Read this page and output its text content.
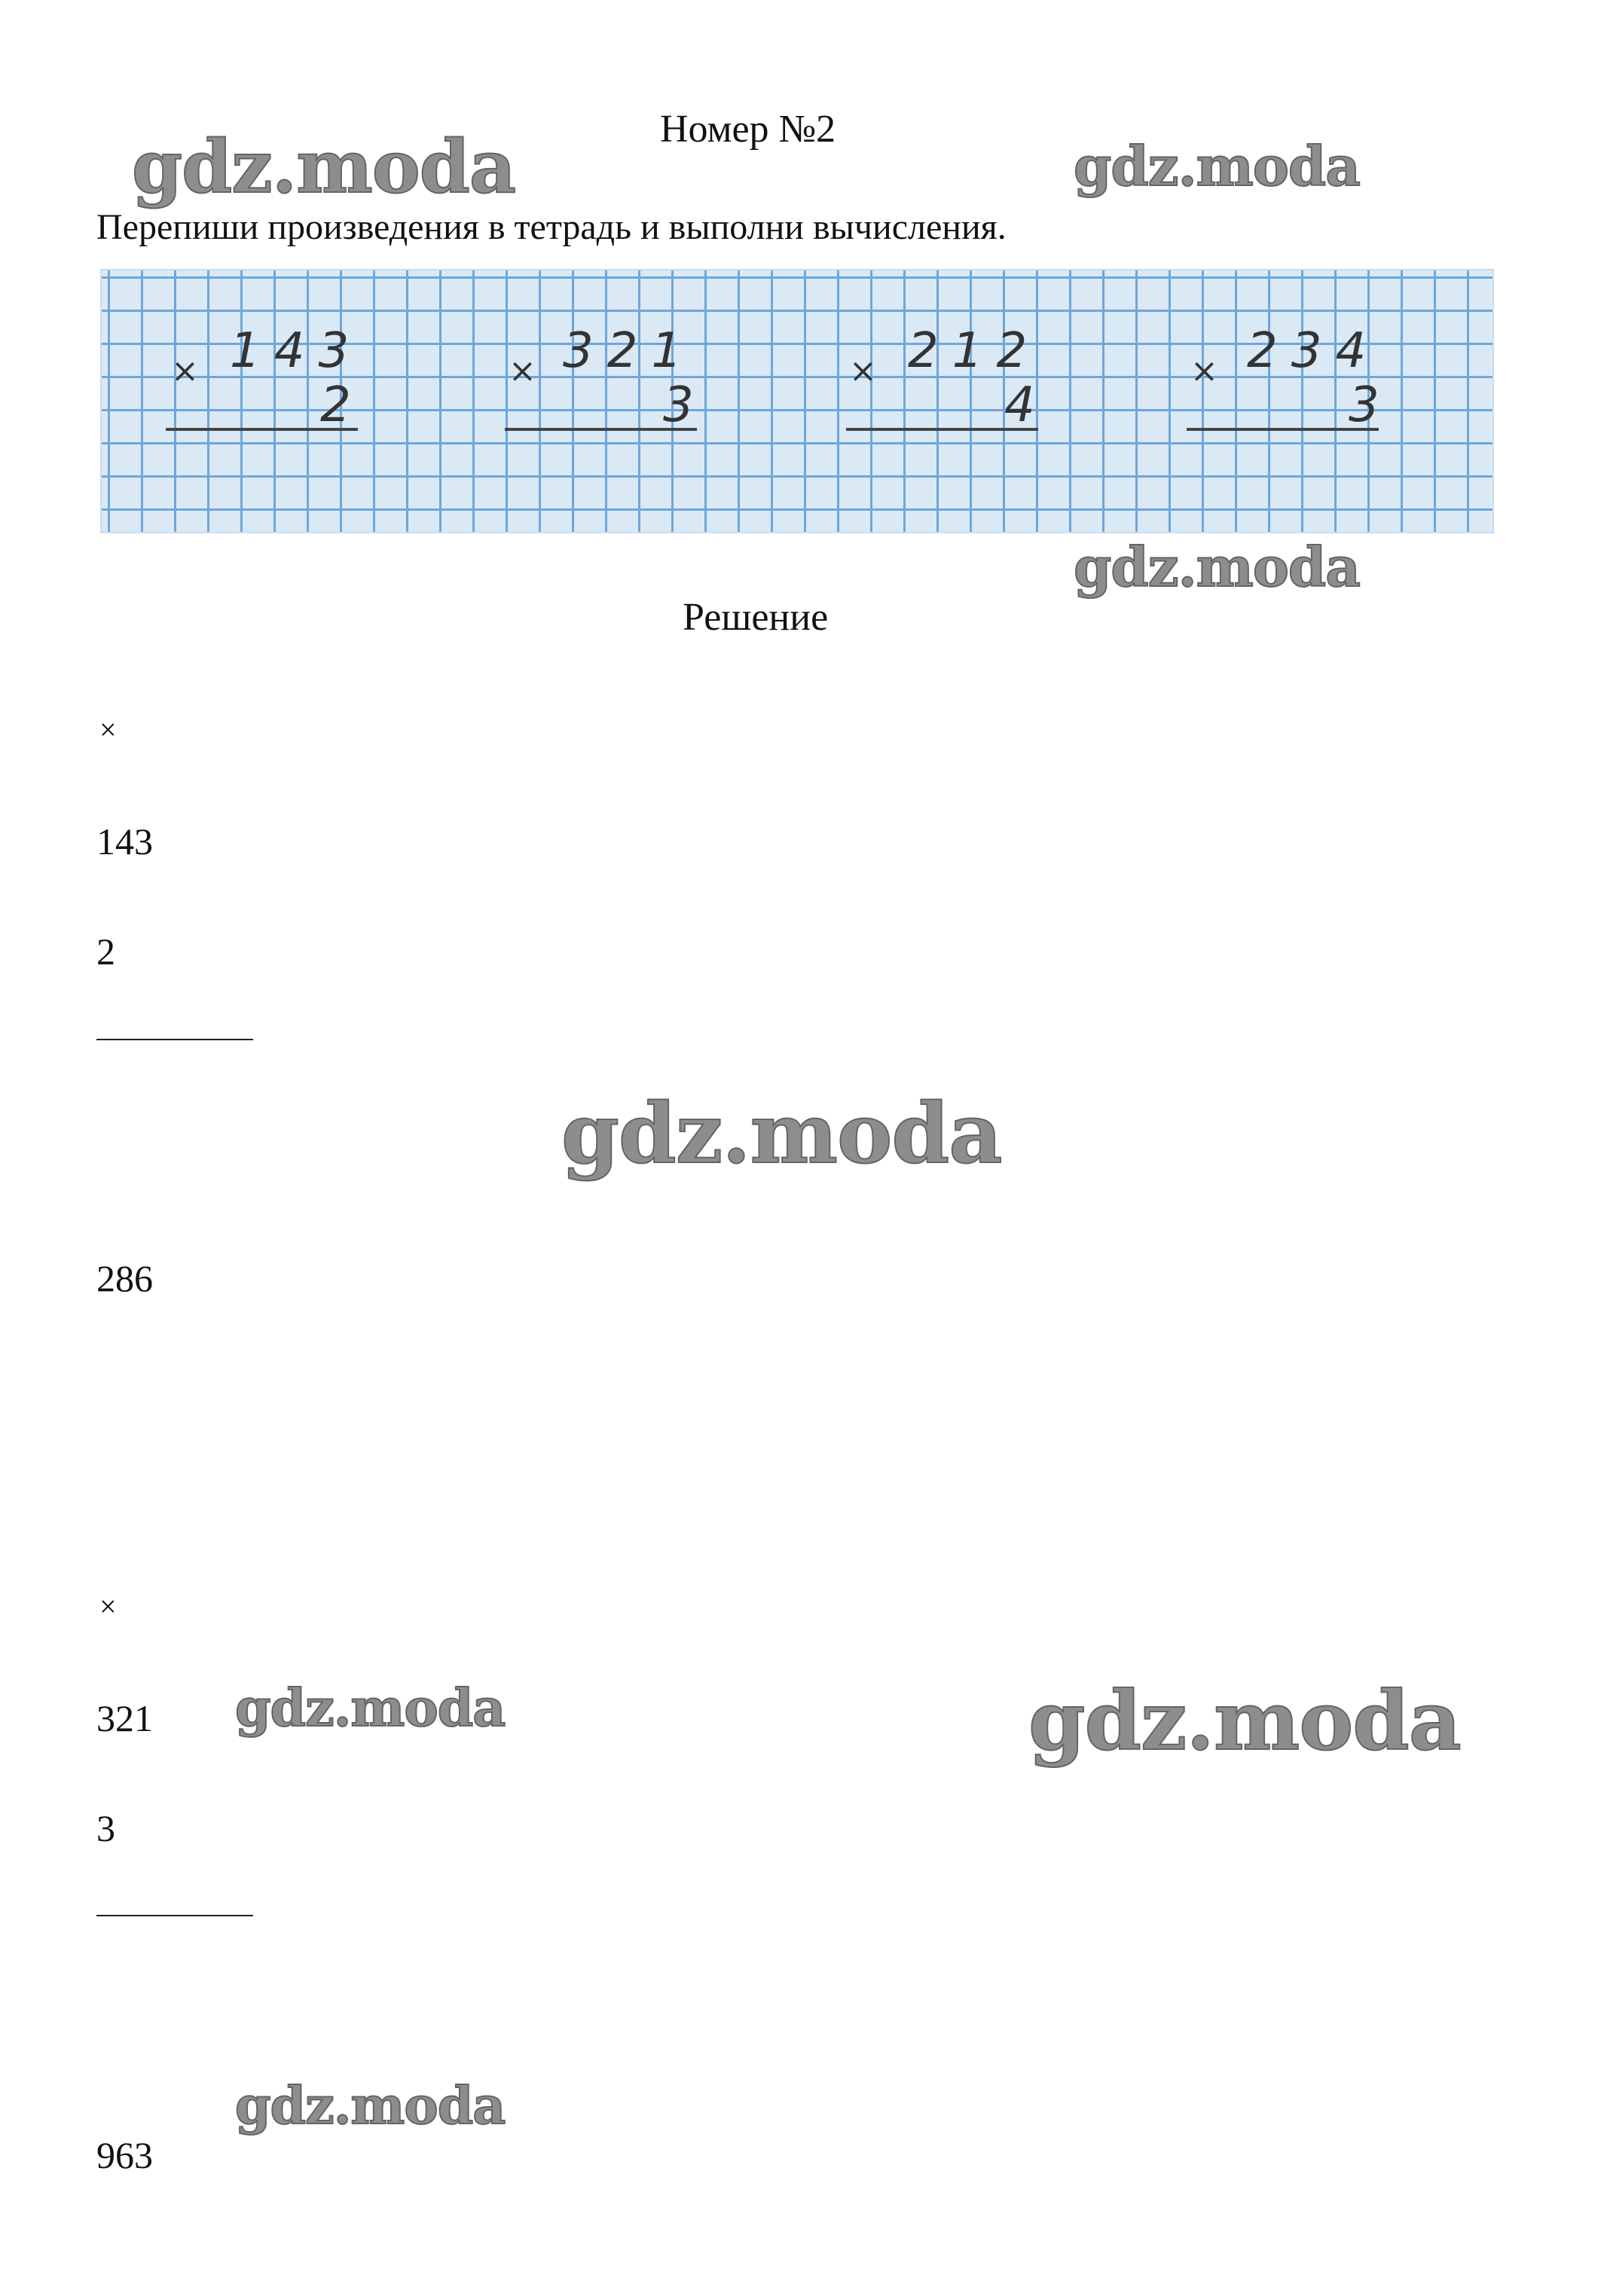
Номер №2
Перепиши произведения в тетрадь и выполни вычисления.
× 143
2
× 321
3
× 212
4
× 234
3
Решение
×
143
2
286
×
321
3
963
gdz.moda	gdz.moda
gdz.moda
gdz.moda
gdz.moda	gdz.moda
gdz.moda
